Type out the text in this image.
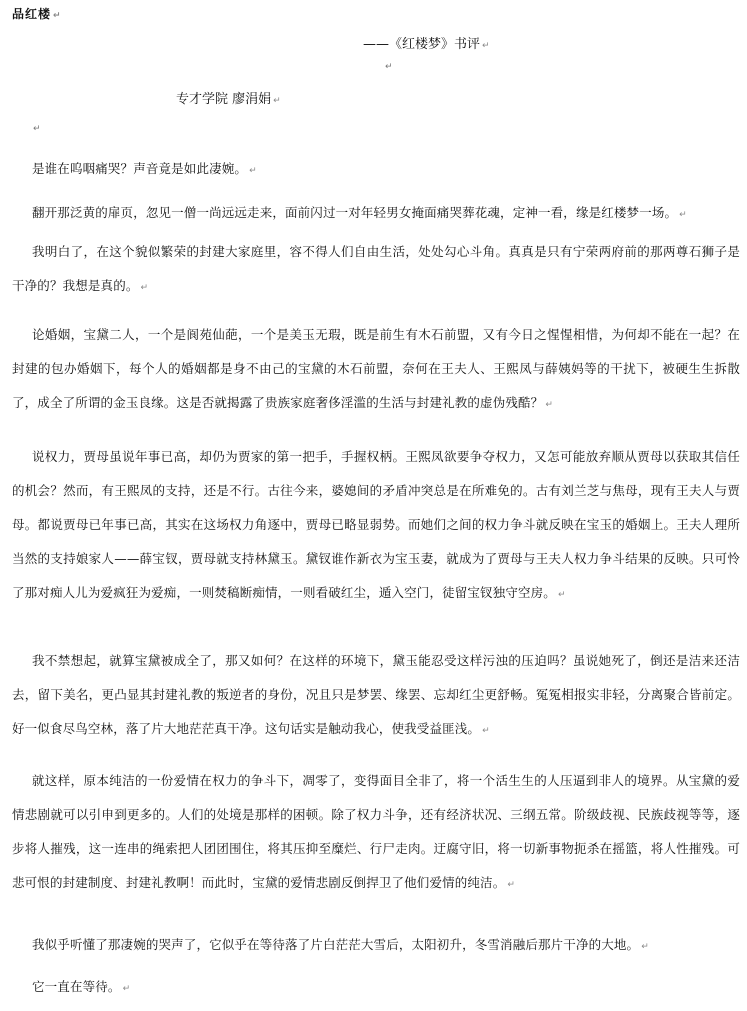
品红楼 ↵
——《红楼梦》书评 ↵
↵
专才学院 廖涓娟 ↵
↵
是谁在呜咽痛哭？声音竟是如此凄婉。 ↵
翻开那泛黄的扉页，忽见一僧一尚远远走来，面前闪过一对年轻男女掩面痛哭葬花魂，定神一看，缘是红楼梦一场。 ↵
我明白了，在这个貌似繁荣的封建大家庭里，容不得人们自由生活，处处勾心斗角。真真是只有宁荣两府前的那两尊石狮子是干净的？我想是真的。 ↵
论婚姻，宝黛二人，一个是阆苑仙葩，一个是美玉无瑕，既是前生有木石前盟，又有今日之惺惺相惜，为何却不能在一起？在封建的包办婚姻下，每个人的婚姻都是身不由己的宝黛的木石前盟，奈何在王夫人、王熙凤与薛姨妈等的干扰下，被硬生生拆散了，成全了所谓的金玉良缘。这是否就揭露了贵族家庭奢侈淫滥的生活与封建礼教的虚伪残酷？ ↵
说权力，贾母虽说年事已高，却仍为贾家的第一把手，手握权柄。王熙凤欲要争夺权力，又怎可能放弃顺从贾母以获取其信任的机会？然而，有王熙凤的支持，还是不行。古往今来，婆媳间的矛盾冲突总是在所难免的。古有刘兰芝与焦母，现有王夫人与贾母。都说贾母已年事已高，其实在这场权力角逐中，贾母已略显弱势。而她们之间的权力争斗就反映在宝玉的婚姻上。王夫人理所当然的支持娘家人——薛宝钗，贾母就支持林黛玉。黛钗谁作新衣为宝玉妻，就成为了贾母与王夫人权力争斗结果的反映。只可怜了那对痴人儿为爱疯狂为爱痴，一则焚稿断痴情，一则看破红尘，遁入空门，徒留宝钗独守空房。 ↵
我不禁想起，就算宝黛被成全了，那又如何？在这样的环境下，黛玉能忍受这样污浊的压迫吗？虽说她死了，倒还是洁来还洁去，留下美名，更凸显其封建礼教的叛逆者的身份，况且只是梦罢、缘罢、忘却红尘更舒畅。冤冤相报实非轻，分离聚合皆前定。好一似食尽鸟空林，落了片大地茫茫真干净。这句话实是触动我心，使我受益匪浅。 ↵
就这样，原本纯洁的一份爱情在权力的争斗下，凋零了，变得面目全非了，将一个活生生的人压逼到非人的境界。从宝黛的爱情悲剧就可以引申到更多的。人们的处境是那样的困顿。除了权力斗争，还有经济状况、三纲五常。阶级歧视、民族歧视等等，逐步将人摧残，这一连串的绳索把人团团围住，将其压抑至糜烂、行尸走肉。迂腐守旧，将一切新事物扼杀在摇篮，将人性摧残。可悲可恨的封建制度、封建礼教啊！而此时，宝黛的爱情悲剧反倒捍卫了他们爱情的纯洁。 ↵
我似乎听懂了那凄婉的哭声了，它似乎在等待落了片白茫茫大雪后，太阳初升，冬雪消融后那片干净的大地。 ↵
它一直在等待。 ↵
